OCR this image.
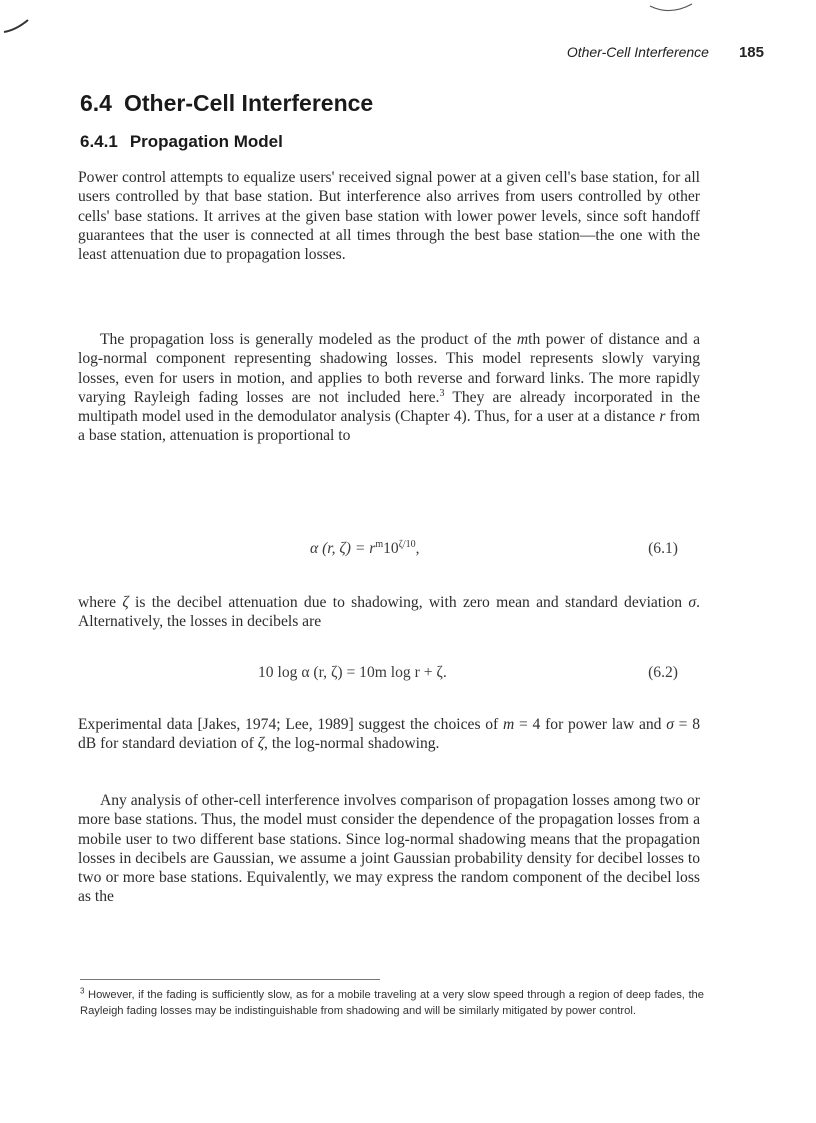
Other-Cell Interference 185
6.4 Other-Cell Interference
6.4.1 Propagation Model

Power control attempts to equalize users' received signal power at a given cell's base station, for all users controlled by that base station. But interference also arrives from users controlled by other cells' base stations. It arrives at the given base station with lower power levels, since soft handoff guarantees that the user is connected at all times through the best base station—the one with the least attenuation due to propagation losses.

The propagation loss is generally modeled as the product of the mth power of distance and a log-normal component representing shadowing losses. This model represents slowly varying losses, even for users in motion, and applies to both reverse and forward links. The more rapidly varying Rayleigh fading losses are not included here.$^3$ They are already incorporated in the multipath model used in the demodulator analysis (Chapter 4). Thus, for a user at a distance r from a base station, attenuation is proportional to

α (r, $\zeta) = r^m10^{\zeta/10}$,	(6.1)

where ζ is the decibel attenuation due to shadowing, with zero mean and standard deviation σ. Alternatively, the losses in decibels are

10 log α (r, ζ) = 10m log r + ζ.	(6.2)

Experimental data [Jakes, 1974; Lee, 1989] suggest the choices of m = 4 for power law and σ = 8 dB for standard deviation of ζ, the log-normal shadowing.

Any analysis of other-cell interference involves comparison of propagation losses among two or more base stations. Thus, the model must consider the dependence of the propagation losses from a mobile user to two different base stations. Since log-normal shadowing means that the propagation losses in decibels are Gaussian, we assume a joint Gaussian probability density for decibel losses to two or more base stations. Equivalently, we may express the random component of the decibel loss as the

$^3$ However, if the fading is sufficiently slow, as for a mobile traveling at a very slow speed through a region of deep fades, the Rayleigh fading losses may be indistinguishable from shadowing and will be similarly mitigated by power control.
